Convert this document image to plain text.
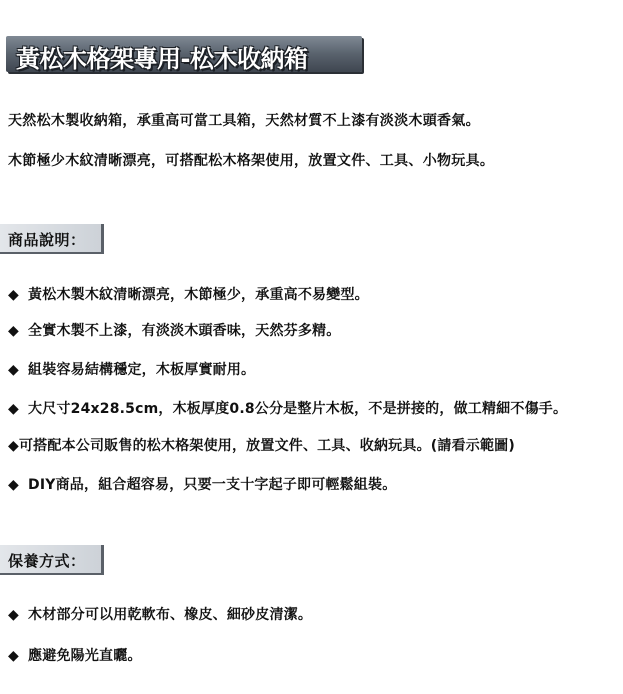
黃松木格架專用-松木收納箱
天然松木製收納箱，承重高可當工具箱，天然材質不上漆有淡淡木頭香氣。
木節極少木紋清晰漂亮，可搭配松木格架使用，放置文件、工具、小物玩具。
商品說明：
◆ 黃松木製木紋清晰漂亮，木節極少，承重高不易變型。
◆ 全實木製不上漆，有淡淡木頭香味，天然芬多精。
◆ 組裝容易結構穩定，木板厚實耐用。
◆ 大尺寸24x28.5cm，木板厚度0.8公分是整片木板，不是拼接的，做工精細不傷手。
◆可搭配本公司販售的松木格架使用，放置文件、工具、收納玩具。(請看示範圖)
◆ DIY商品，組合超容易，只要一支十字起子即可輕鬆組裝。
保養方式：
◆ 木材部分可以用乾軟布、橡皮、細砂皮清潔。
◆ 應避免陽光直曬。
